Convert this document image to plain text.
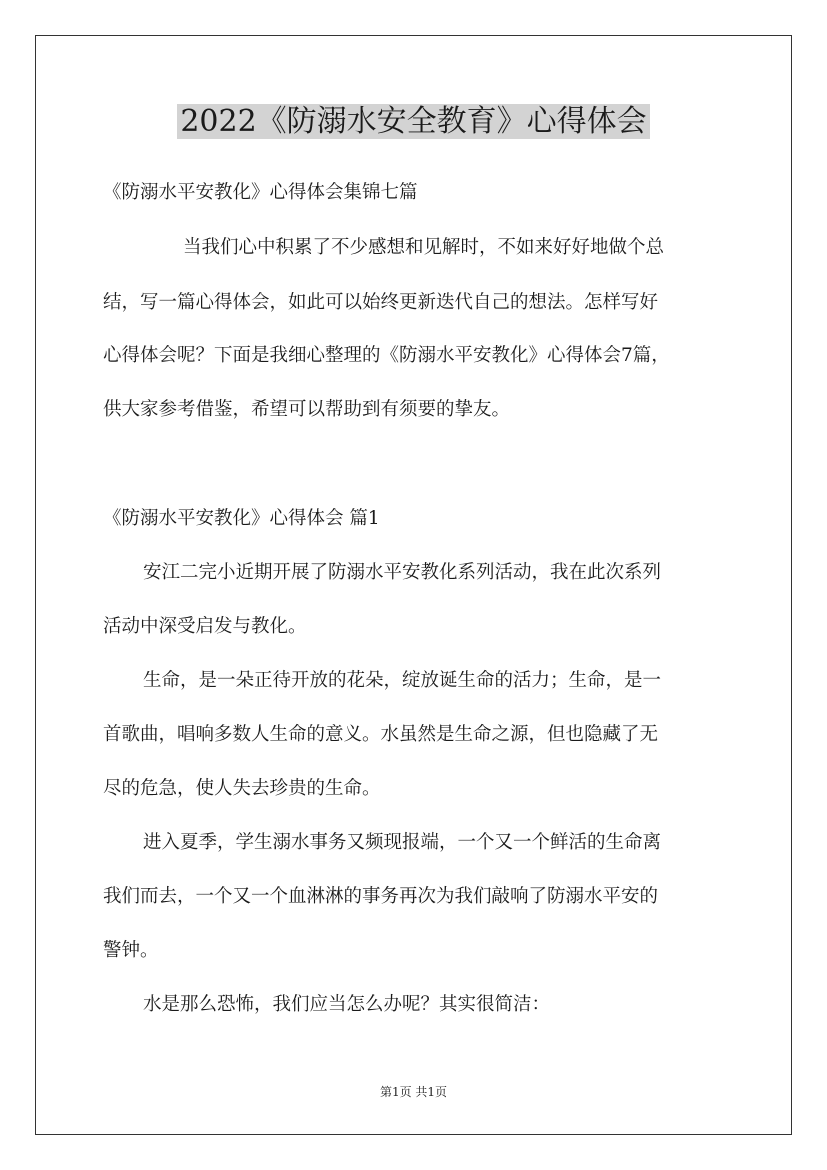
2022《防溺水安全教育》心得体会
《防溺水平安教化》心得体会集锦七篇
当我们心中积累了不少感想和见解时，不如来好好地做个总
结，写一篇心得体会，如此可以始终更新迭代自己的想法。怎样写好
心得体会呢？下面是我细心整理的《防溺水平安教化》心得体会7篇，
供大家参考借鉴，希望可以帮助到有须要的挚友。
《防溺水平安教化》心得体会 篇1
安江二完小近期开展了防溺水平安教化系列活动，我在此次系列
活动中深受启发与教化。
生命，是一朵正待开放的花朵，绽放诞生命的活力；生命，是一
首歌曲，唱响多数人生命的意义。水虽然是生命之源，但也隐藏了无
尽的危急，使人失去珍贵的生命。
进入夏季，学生溺水事务又频现报端，一个又一个鲜活的生命离
我们而去，一个又一个血淋淋的事务再次为我们敲响了防溺水平安的
警钟。
水是那么恐怖，我们应当怎么办呢？其实很简洁：
第1页 共1页
